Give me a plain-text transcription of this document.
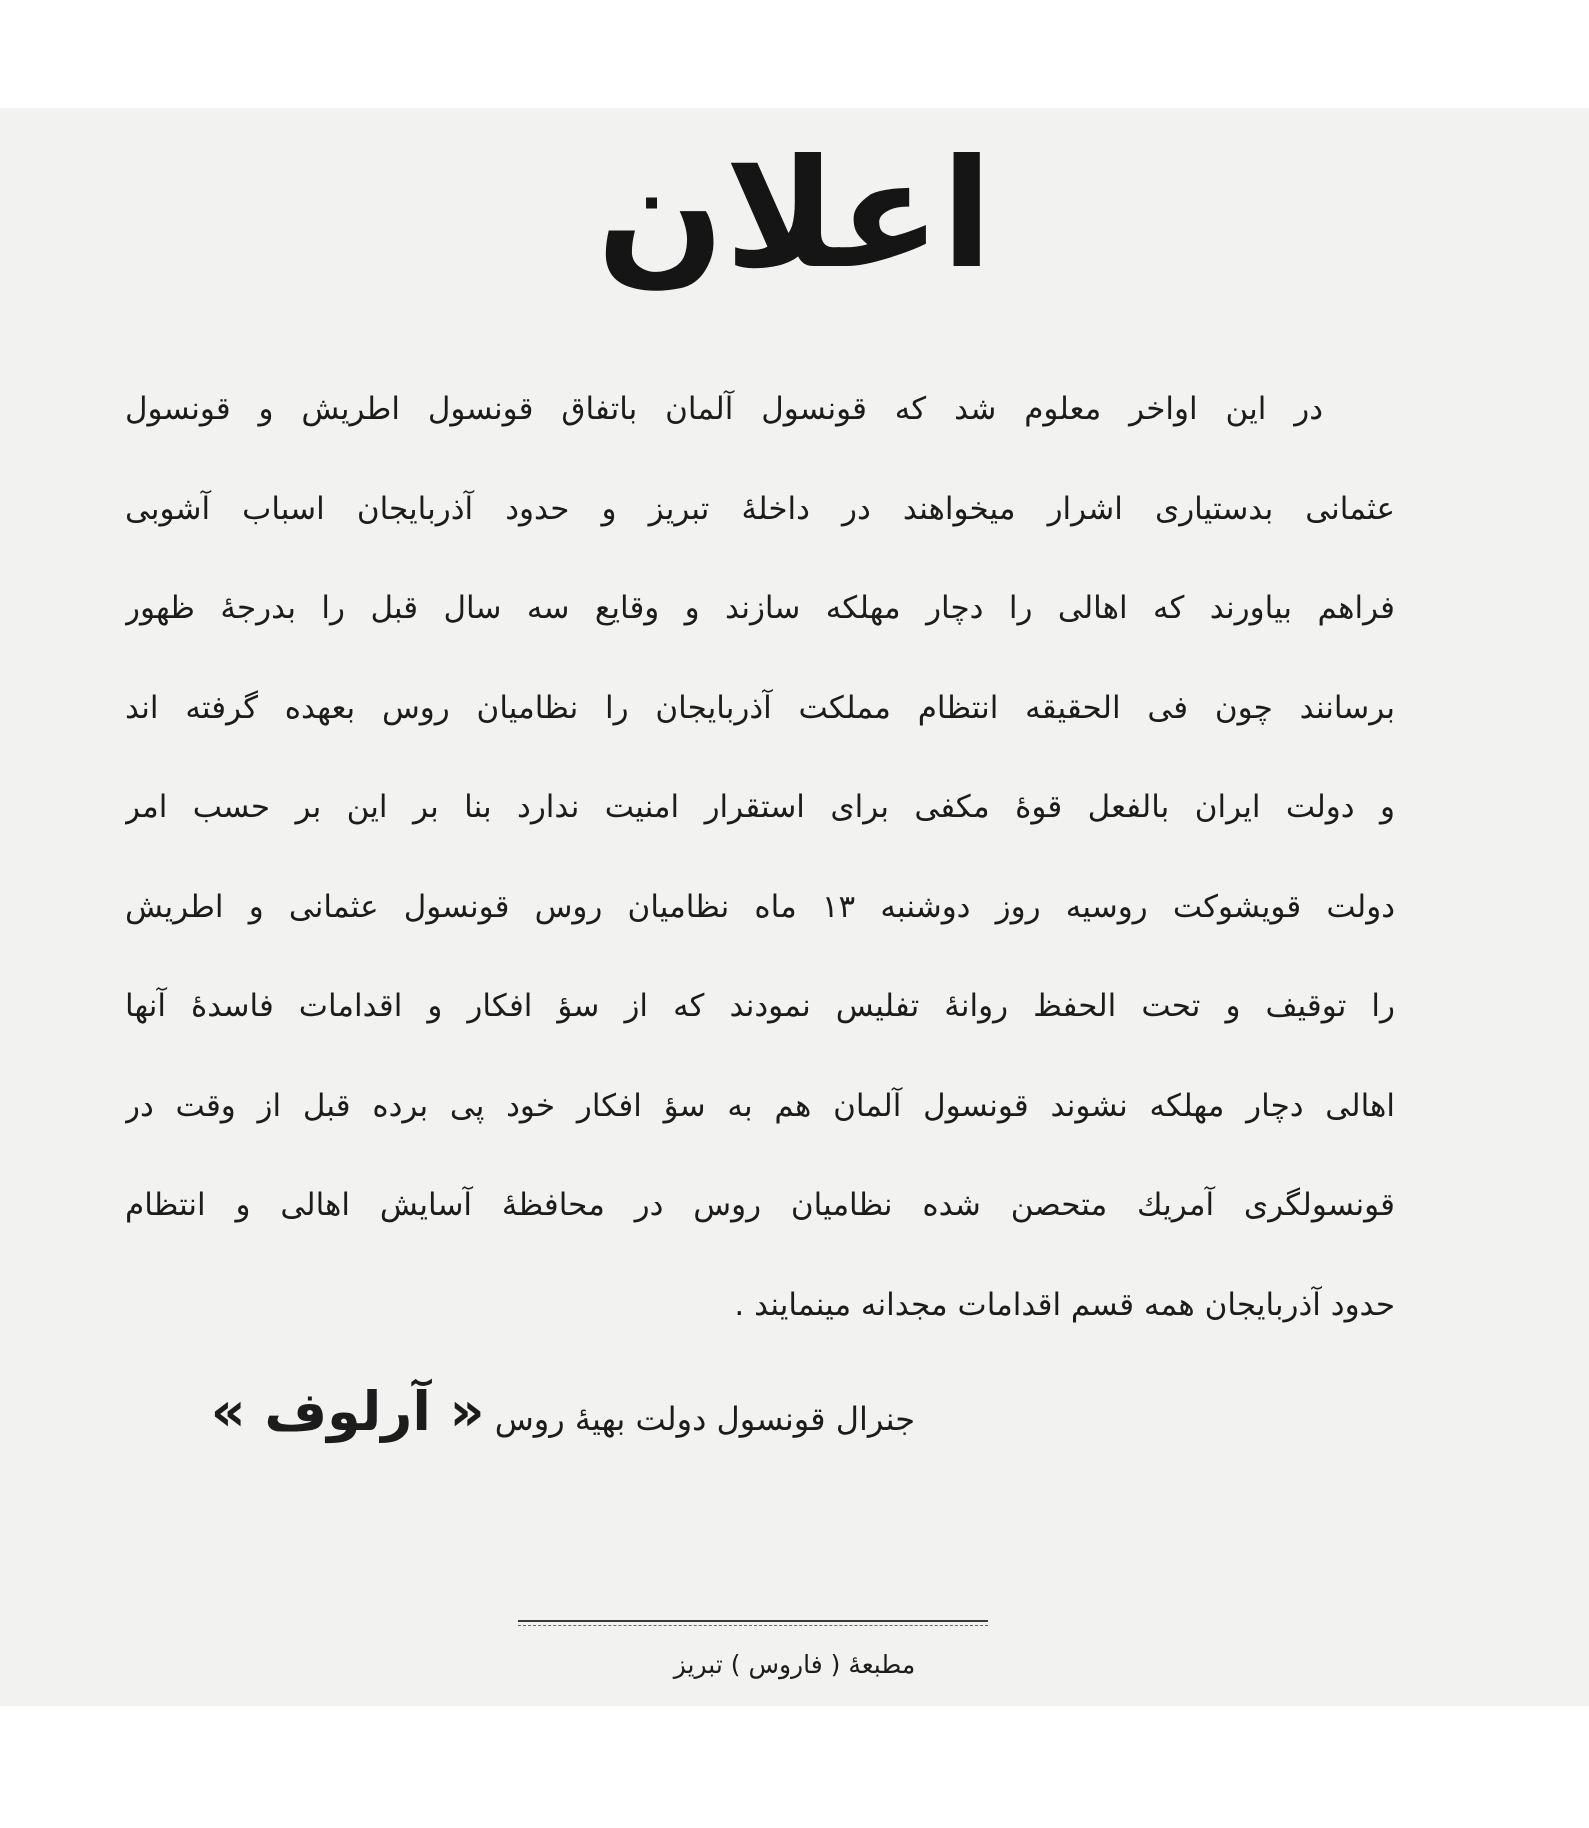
اعلان
در این اواخر معلوم شد که قونسول آلمان باتفاق قونسول اطریش و قونسول
عثمانی بدستیاری اشرار میخواهند در داخلهٔ تبریز و حدود آذربایجان اسباب آشوبی
فراهم بیاورند که اهالی را دچار مهلکه سازند و وقایع سه سال قبل را بدرجهٔ ظهور
برسانند چون فی الحقیقه انتظام مملکت آذربایجان را نظامیان روس بعهده گرفته اند
و دولت ایران بالفعل قوهٔ مکفی برای استقرار امنیت ندارد بنا بر این بر حسب امر
دولت قویشوکت روسیه روز دوشنبه ۱۳ ماه نظامیان روس قونسول عثمانی و اطریش
را توقیف و تحت الحفظ روانهٔ تفلیس نمودند که از سؤ افکار و اقدامات فاسدهٔ آنها
اهالی دچار مهلکه نشوند قونسول آلمان هم به سؤ افکار خود پی برده قبل از وقت در
قونسولگری آمریك متحصن شده نظامیان روس در محافظهٔ آسایش اهالی و انتظام
حدود آذربایجان همه قسم اقدامات مجدانه مینمایند .
جنرال قونسول دولت بهیهٔ روس « آرلوف »
مطبعهٔ ( فاروس ) تبریز
